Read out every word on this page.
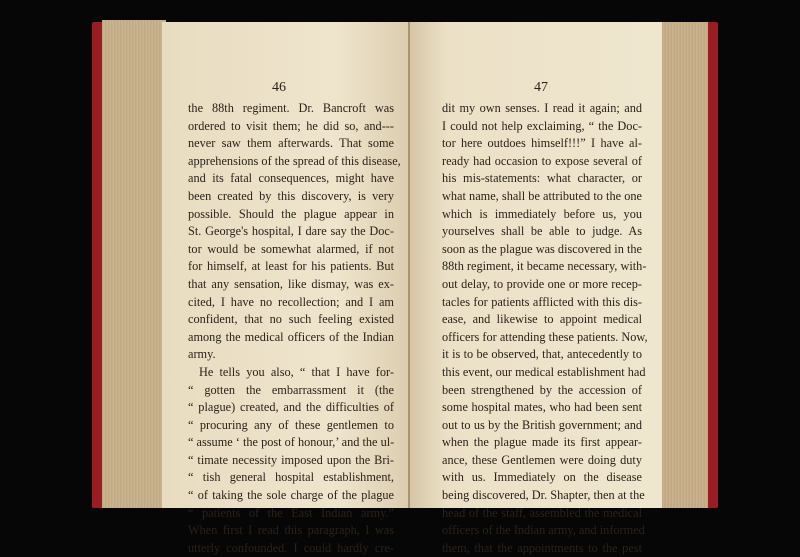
46
the 88th regiment. Dr. Bancroft was
ordered to visit them; he did so, and---
never saw them afterwards. That some
apprehensions of the spread of this disease,
and its fatal consequences, might have
been created by this discovery, is very
possible. Should the plague appear in
St. George's hospital, I dare say the Doc-
tor would be somewhat alarmed, if not
for himself, at least for his patients. But
that any sensation, like dismay, was ex-
cited, I have no recollection; and I am
confident, that no such feeling existed
among the medical officers of the Indian
army.
He tells you also, “ that I have for-
“ gotten the embarrassment it (the
“ plague) created, and the difficulties of
“ procuring any of these gentlemen to
“ assume ‘ the post of honour,’ and the ul-
“ timate necessity imposed upon the Bri-
“ tish general hospital establishment,
“ of taking the sole charge of the plague
“ patients of the East Indian army.”
When first I read this paragraph, I was
utterly confounded. I could hardly cre-
47
dit my own senses. I read it again; and
I could not help exclaiming, “ the Doc-
tor here outdoes himself!!!” I have al-
ready had occasion to expose several of
his mis-statements: what character, or
what name, shall be attributed to the one
which is immediately before us, you
yourselves shall be able to judge. As
soon as the plague was discovered in the
88th regiment, it became necessary, with-
out delay, to provide one or more recep-
tacles for patients afflicted with this dis-
ease, and likewise to appoint medical
officers for attending these patients. Now,
it is to be observed, that, antecedently to
this event, our medical establishment had
been strengthened by the accession of
some hospital mates, who had been sent
out to us by the British government; and
when the plague made its first appear-
ance, these Gentlemen were doing duty
with us. Immediately on the disease
being discovered, Dr. Shapter, then at the
head of the staff, assembled the medical
officers of the Indian army, and informed
them, that the appointments to the pest
